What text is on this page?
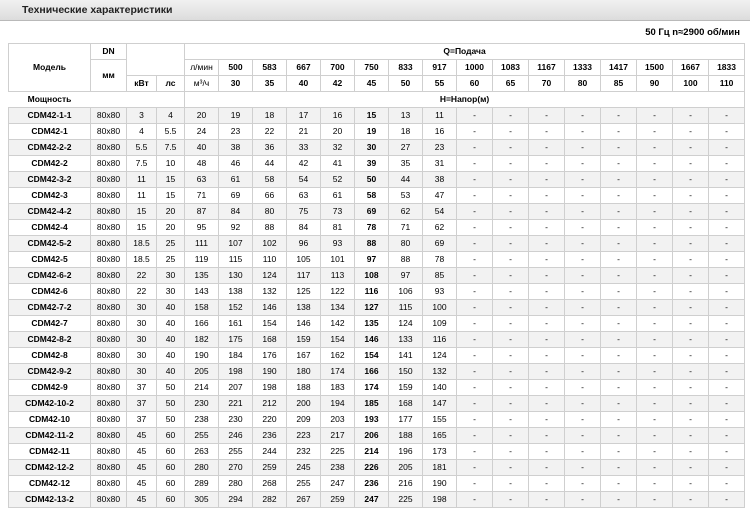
Технические характеристики
50 Гц n≈2900 об/мин
Модель	DN			Q=Подача															
	мм			л/мин	500	583	667	700	750	833	917	1000	1083	1167	1333	1417	1500	1667	1833
		кВт	лс	м³/ч	30	35	40	42	45	50	55	60	65	70	80	85	90	100	110
Мощность				H=Напор(м)															
CDM42-1-1	80x80	3	4	20	19	18	17	16	15	13	11	-	-	-	-	-	-	-	-
CDM42-1	80x80	4	5.5	24	23	22	21	20	19	18	16	-	-	-	-	-	-	-	-
CDM42-2-2	80x80	5.5	7.5	40	38	36	33	32	30	27	23	-	-	-	-	-	-	-	-
CDM42-2	80x80	7.5	10	48	46	44	42	41	39	35	31	-	-	-	-	-	-	-	-
CDM42-3-2	80x80	11	15	63	61	58	54	52	50	44	38	-	-	-	-	-	-	-	-
CDM42-3	80x80	11	15	71	69	66	63	61	58	53	47	-	-	-	-	-	-	-	-
CDM42-4-2	80x80	15	20	87	84	80	75	73	69	62	54	-	-	-	-	-	-	-	-
CDM42-4	80x80	15	20	95	92	88	84	81	78	71	62	-	-	-	-	-	-	-	-
CDM42-5-2	80x80	18.5	25	111	107	102	96	93	88	80	69	-	-	-	-	-	-	-	-
CDM42-5	80x80	18.5	25	119	115	110	105	101	97	88	78	-	-	-	-	-	-	-	-
CDM42-6-2	80x80	22	30	135	130	124	117	113	108	97	85	-	-	-	-	-	-	-	-
CDM42-6	80x80	22	30	143	138	132	125	122	116	106	93	-	-	-	-	-	-	-	-
CDM42-7-2	80x80	30	40	158	152	146	138	134	127	115	100	-	-	-	-	-	-	-	-
CDM42-7	80x80	30	40	166	161	154	146	142	135	124	109	-	-	-	-	-	-	-	-
CDM42-8-2	80x80	30	40	182	175	168	159	154	146	133	116	-	-	-	-	-	-	-	-
CDM42-8	80x80	30	40	190	184	176	167	162	154	141	124	-	-	-	-	-	-	-	-
CDM42-9-2	80x80	30	40	205	198	190	180	174	166	150	132	-	-	-	-	-	-	-	-
CDM42-9	80x80	37	50	214	207	198	188	183	174	159	140	-	-	-	-	-	-	-	-
CDM42-10-2	80x80	37	50	230	221	212	200	194	185	168	147	-	-	-	-	-	-	-	-
CDM42-10	80x80	37	50	238	230	220	209	203	193	177	155	-	-	-	-	-	-	-	-
CDM42-11-2	80x80	45	60	255	246	236	223	217	206	188	165	-	-	-	-	-	-	-	-
CDM42-11	80x80	45	60	263	255	244	232	225	214	196	173	-	-	-	-	-	-	-	-
CDM42-12-2	80x80	45	60	280	270	259	245	238	226	205	181	-	-	-	-	-	-	-	-
CDM42-12	80x80	45	60	289	280	268	255	247	236	216	190	-	-	-	-	-	-	-	-
CDM42-13-2	80x80	45	60	305	294	282	267	259	247	225	198	-	-	-	-	-	-	-	-
